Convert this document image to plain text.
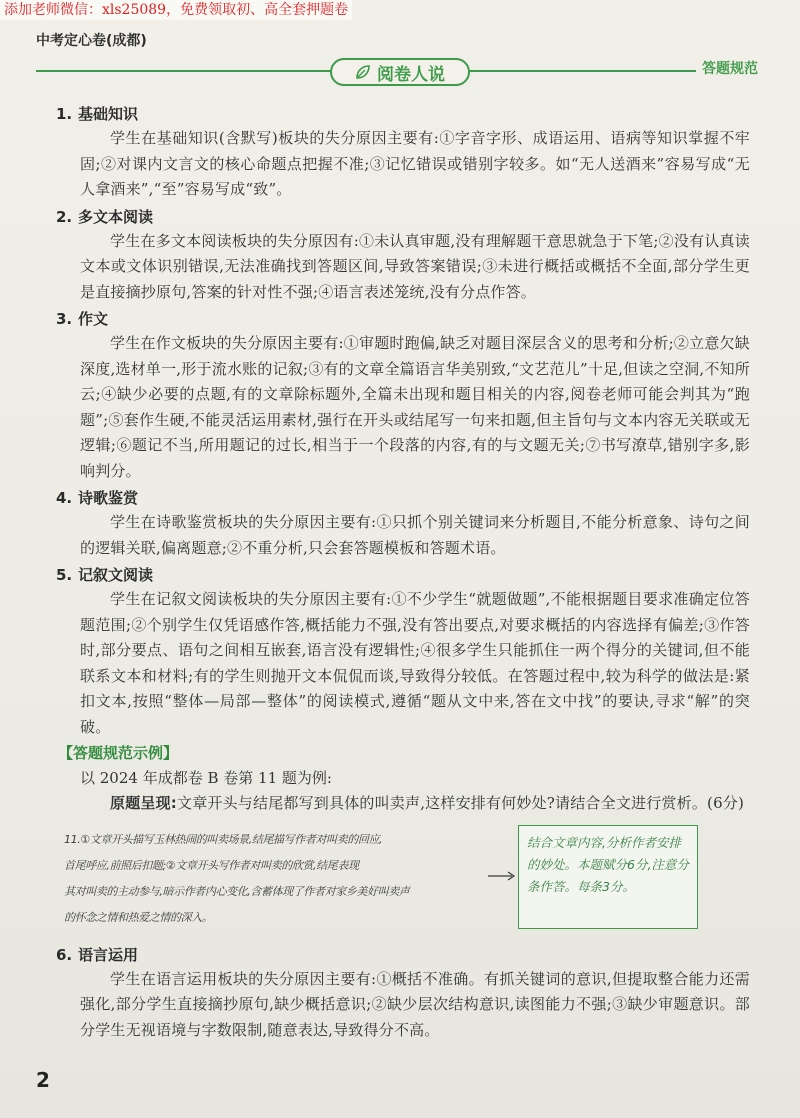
添加老师微信：xls25089，免费领取初、高全套押题卷
中考定心卷(成都)
阅卷人说	答题规范
1. 基础知识

学生在基础知识(含默写)板块的失分原因主要有:①字音字形、成语运用、语病等知识掌握不牢固;②对课内文言文的核心命题点把握不准;③记忆错误或错别字较多。如“无人送酒来”容易写成“无人拿酒来”,“至”容易写成“致”。

2. 多文本阅读

学生在多文本阅读板块的失分原因有:①未认真审题,没有理解题干意思就急于下笔;②没有认真读文本或文体识别错误,无法准确找到答题区间,导致答案错误;③未进行概括或概括不全面,部分学生更是直接摘抄原句,答案的针对性不强;④语言表述笼统,没有分点作答。

3. 作文

学生在作文板块的失分原因主要有:①审题时跑偏,缺乏对题目深层含义的思考和分析;②立意欠缺深度,选材单一,形于流水账的记叙;③有的文章全篇语言华美别致,“文艺范儿”十足,但读之空洞,不知所云;④缺少必要的点题,有的文章除标题外,全篇未出现和题目相关的内容,阅卷老师可能会判其为“跑题”;⑤套作生硬,不能灵活运用素材,强行在开头或结尾写一句来扣题,但主旨句与文本内容无关联或无逻辑;⑥题记不当,所用题记的过长,相当于一个段落的内容,有的与文题无关;⑦书写潦草,错别字多,影响判分。

4. 诗歌鉴赏

学生在诗歌鉴赏板块的失分原因主要有:①只抓个别关键词来分析题目,不能分析意象、诗句之间的逻辑关联,偏离题意;②不重分析,只会套答题模板和答题术语。

5. 记叙文阅读

学生在记叙文阅读板块的失分原因主要有:①不少学生“就题做题”,不能根据题目要求准确定位答题范围;②个别学生仅凭语感作答,概括能力不强,没有答出要点,对要求概括的内容选择有偏差;③作答时,部分要点、语句之间相互嵌套,语言没有逻辑性;④很多学生只能抓住一两个得分的关键词,但不能联系文本和材料;有的学生则抛开文本侃侃而谈,导致得分较低。在答题过程中,较为科学的做法是:紧扣文本,按照“整体—局部—整体”的阅读模式,遵循“题从文中来,答在文中找”的要诀,寻求“解”的突破。

【答题规范示例】

以 2024 年成都卷 B 卷第 11 题为例:

原题呈现:文章开头与结尾都写到具体的叫卖声,这样安排有何妙处?请结合全文进行赏析。(6分)

11.①文章开头描写玉林热闹的叫卖场景,结尾描写作者对叫卖的回应,
首尾呼应,前照后扣题;②文章开头写作者对叫卖的欣赏,结尾表现
其对叫卖的主动参与,暗示作者内心变化,含蓄体现了作者对家乡美好叫卖声
的怀念之情和热爱之情的深入。
结合文章内容,分析作者安排的妙处。本题赋分6分,注意分条作答。每条3分。
6. 语言运用

学生在语言运用板块的失分原因主要有:①概括不准确。有抓关键词的意识,但提取整合能力还需强化,部分学生直接摘抄原句,缺少概括意识;②缺少层次结构意识,读图能力不强;③缺少审题意识。部分学生无视语境与字数限制,随意表达,导致得分不高。

2
